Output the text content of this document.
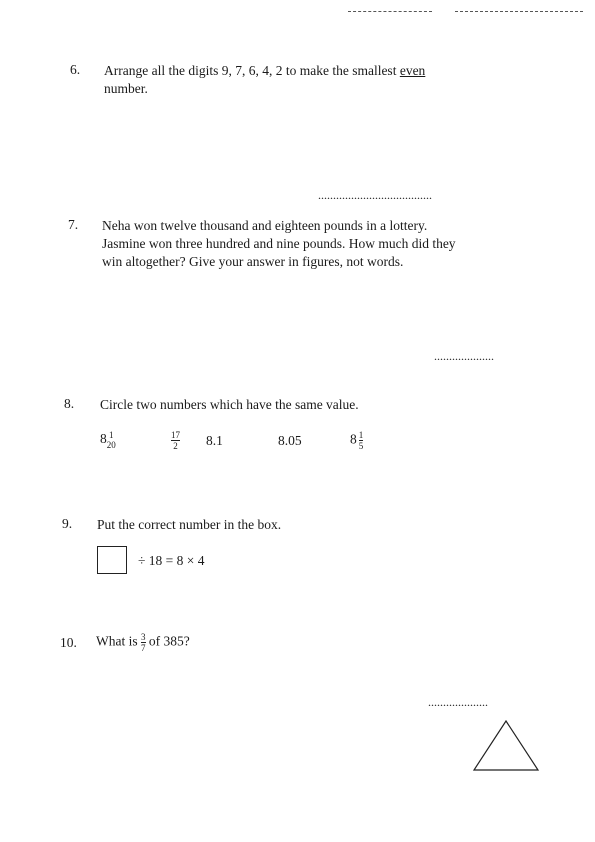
6. Arrange all the digits 9, 7, 6, 4, 2 to make the smallest even
number.
......................................
7. Neha won twelve thousand and eighteen pounds in a lottery.
Jasmine won three hundred and nine pounds. How much did they
win altogether? Give your answer in figures, not words.
....................
8. Circle two numbers which have the same value.
8 1
20	$\frac{17}{2} 8.1$	8.05	$8 \frac{1}{5}$
9. Put the correct number in the box.
÷ 18 = 8 × 4
10. What is $\frac{3}{7}$ of 385?
....................
